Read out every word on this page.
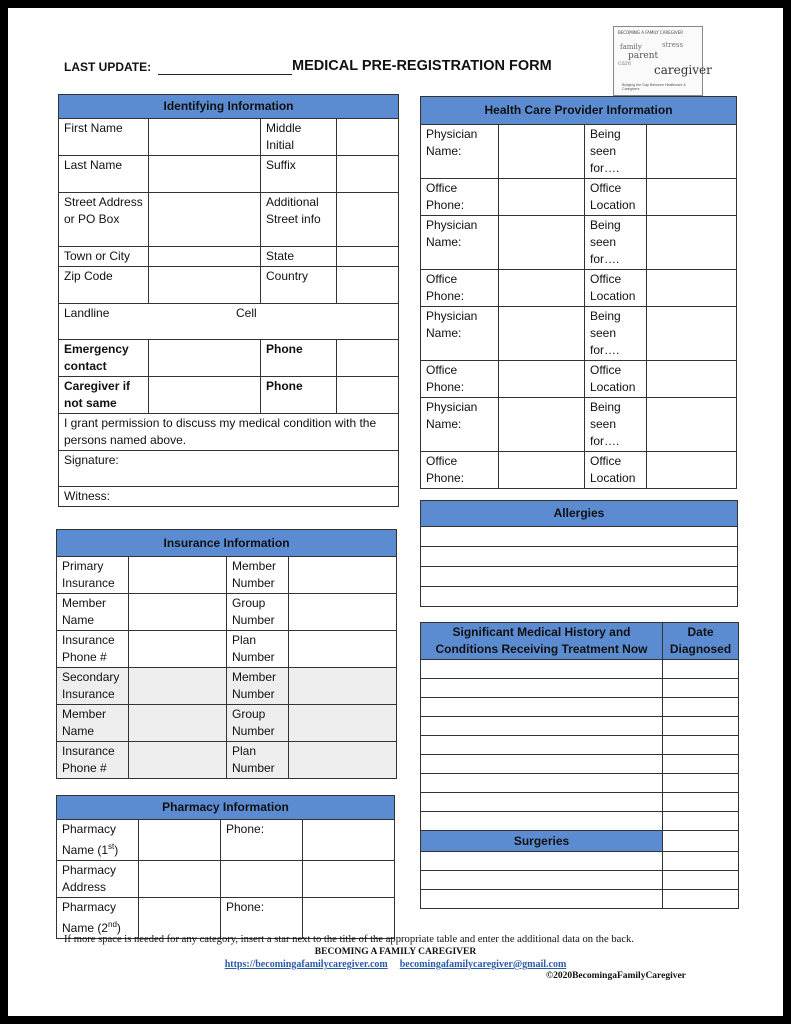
LAST UPDATE:	MEDICAL PRE-REGISTRATION FORM
BECOMING A FAMILY CAREGIVER
family	stress
care
parent
caregiver
Bridging the Gap Between Healthcare & Caregivers
Identifying Information			
First Name		Middle Initial	
Last Name		Suffix	
Street Address or PO Box		Additional Street info	
Town or City		State	
Zip Code		Country	

Landline Cell			

Emergency contact		Phone	
Caregiver if not same		Phone	
I grant permission to discuss my medical condition with the persons named above.			
Signature:			
Witness:			
Insurance Information			
Primary Insurance		Member Number	
Member Name		Group Number	
Insurance Phone #		Plan Number	
Secondary Insurance		Member Number	
Member Name		Group Number	
Insurance Phone #		Plan Number	
Pharmacy Information			
Pharmacy Name (1st)		Phone:	
Pharmacy Address			
Pharmacy Name (2nd)		Phone:	
Health Care Provider Information			
Physician Name:		Being seen for….	
Office Phone:		Office Location	
Physician Name:		Being seen for….	
Office Phone:		Office Location	
Physician Name:		Being seen for….	
Office Phone:		Office Location	
Physician Name:		Being seen for….	
Office Phone:		Office Location	
Allergies

Significant Medical History and Conditions Receiving Treatment Now	Date Diagnosed

Surgeries	

If more space is needed for any category, insert a star next to the title of the appropriate table and enter the additional data on the back.
BECOMING A FAMILY CAREGIVER
https://becomingafamilycaregiver.com becomingafamilycaregiver@gmail.com
©2020BecomingaFamilyCaregiver
